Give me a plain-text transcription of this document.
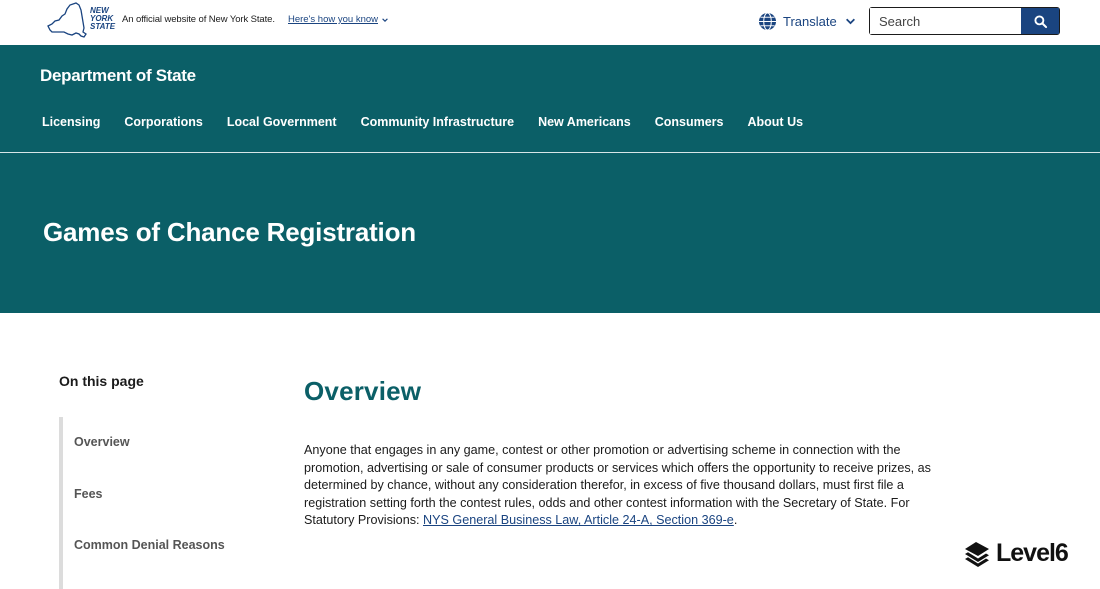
NEW
YORK
STATE
An official website of New York State. Here's how you know	Translate
Search
Department of State
Licensing	Corporations	Local Government	Community Infrastructure	New Americans	Consumers	About Us
Games of Chance Registration
On this page
Overview
Fees
Common Denial Reasons
Overview

Anyone that engages in any game, contest or other promotion or advertising scheme in connection with the promotion, advertising or sale of consumer products or services which offers the opportunity to receive prizes, as determined by chance, without any consideration therefor, in excess of five thousand dollars, must first file a registration setting forth the contest rules, odds and other contest information with the Secretary of State. For Statutory Provisions: NYS General Business Law, Article 24-A, Section 369-e.

Level6
